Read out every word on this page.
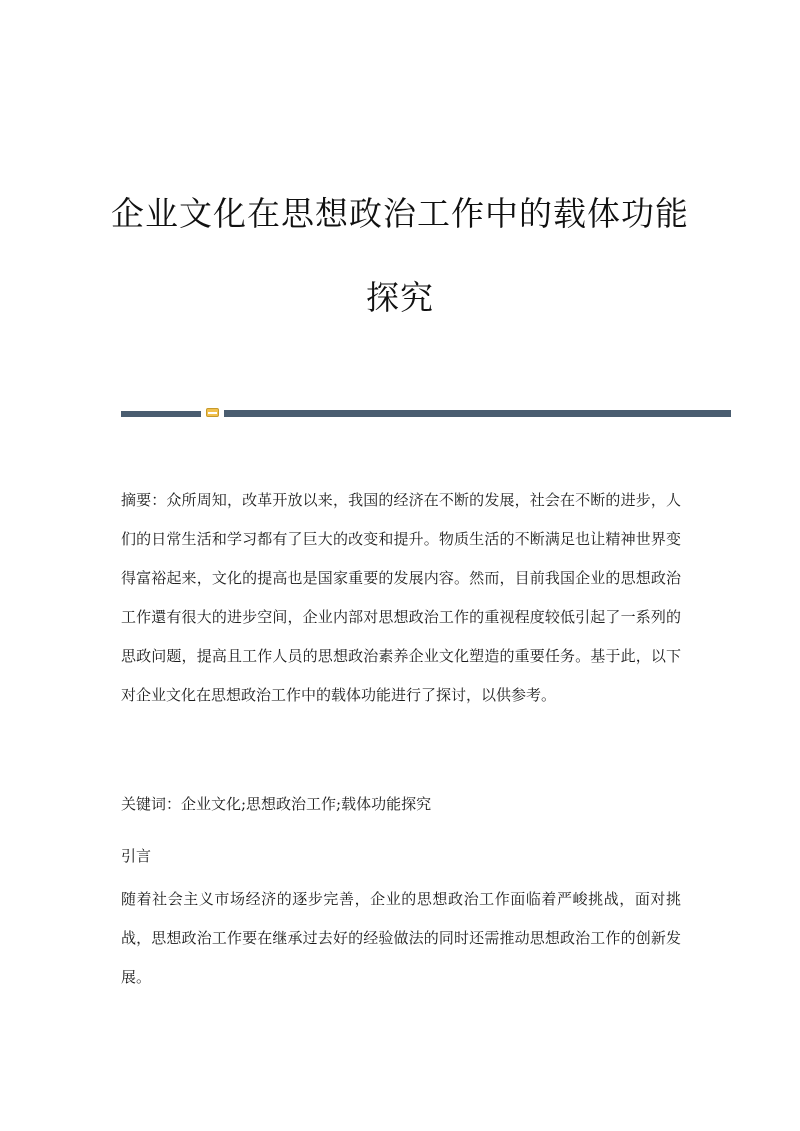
企业文化在思想政治工作中的载体功能
探究

摘要：众所周知，改革开放以来，我国的经济在不断的发展，社会在不断的进步，人们的日常生活和学习都有了巨大的改变和提升。物质生活的不断满足也让精神世界变得富裕起来，文化的提高也是国家重要的发展内容。然而，目前我国企业的思想政治工作還有很大的进步空间，企业内部对思想政治工作的重视程度较低引起了一系列的思政问题，提高且工作人员的思想政治素养企业文化塑造的重要任务。基于此，以下对企业文化在思想政治工作中的载体功能进行了探讨，以供参考。

关键词：企业文化;思想政治工作;载体功能探究

引言

随着社会主义市场经济的逐步完善，企业的思想政治工作面临着严峻挑战，面对挑战，思想政治工作要在继承过去好的经验做法的同时还需推动思想政治工作的创新发展。
